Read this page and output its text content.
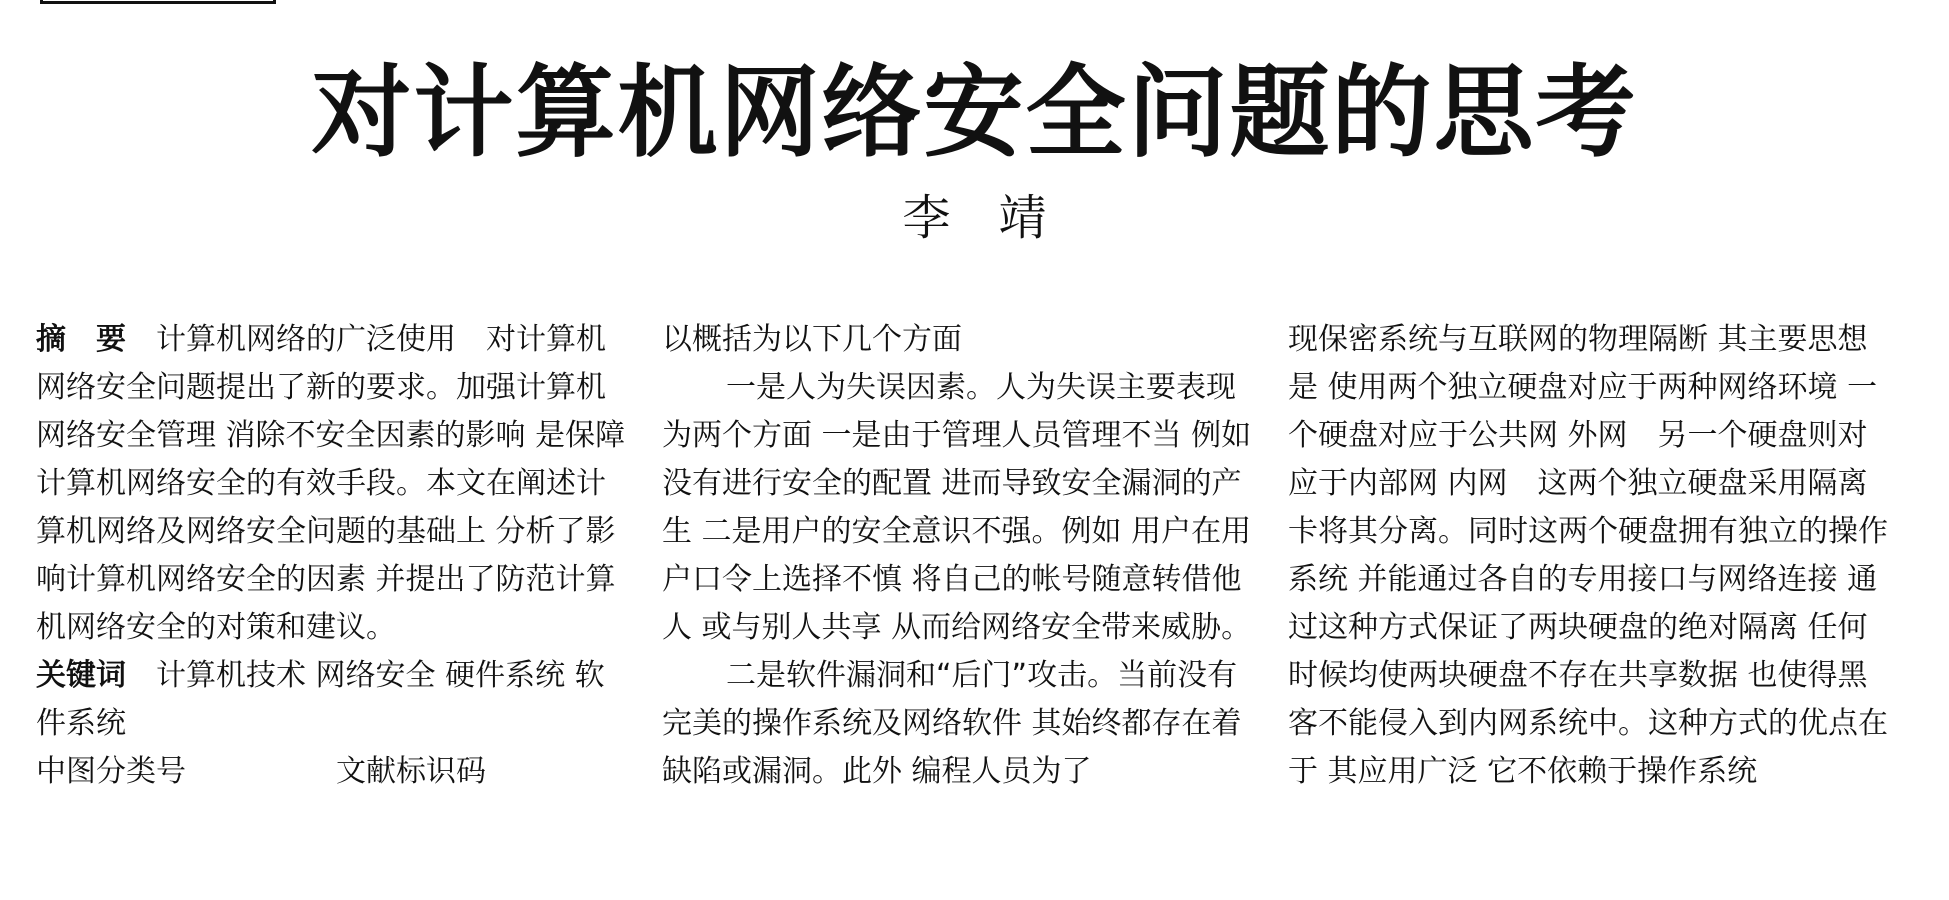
对计算机网络安全问题的思考
李　靖

摘　要　 计算机网络的广泛使用　对计算机网络安全问题提出了新的要求。加强计算机网络安全管理 消除不安全因素的影响 是保障计算机网络安全的有效手段。本文在阐述计算机网络及网络安全问题的基础上 分析了影响计算机网络安全的因素 并提出了防范计算机网络安全的对策和建议。

关键词　 计算机技术 网络安全 硬件系统 软件系统

中图分类号	文献标识码

以概括为以下几个方面

一是人为失误因素。人为失误主要表现为两个方面 一是由于管理人员管理不当 例如 没有进行安全的配置 进而导致安全漏洞的产生 二是用户的安全意识不强。例如 用户在用户口令上选择不慎 将自己的帐号随意转借他人 或与别人共享 从而给网络安全带来威胁。

二是软件漏洞和“后门”攻击。当前没有完美的操作系统及网络软件 其始终都存在着缺陷或漏洞。此外 编程人员为了

现保密系统与互联网的物理隔断 其主要思想是 使用两个独立硬盘对应于两种网络环境 一个硬盘对应于公共网 外网　另一个硬盘则对应于内部网 内网　这两个独立硬盘采用隔离卡将其分离。同时这两个硬盘拥有独立的操作系统 并能通过各自的专用接口与网络连接 通过这种方式保证了两块硬盘的绝对隔离 任何时候均使两块硬盘不存在共享数据 也使得黑客不能侵入到内网系统中。这种方式的优点在于 其应用广泛 它不依赖于操作系统
